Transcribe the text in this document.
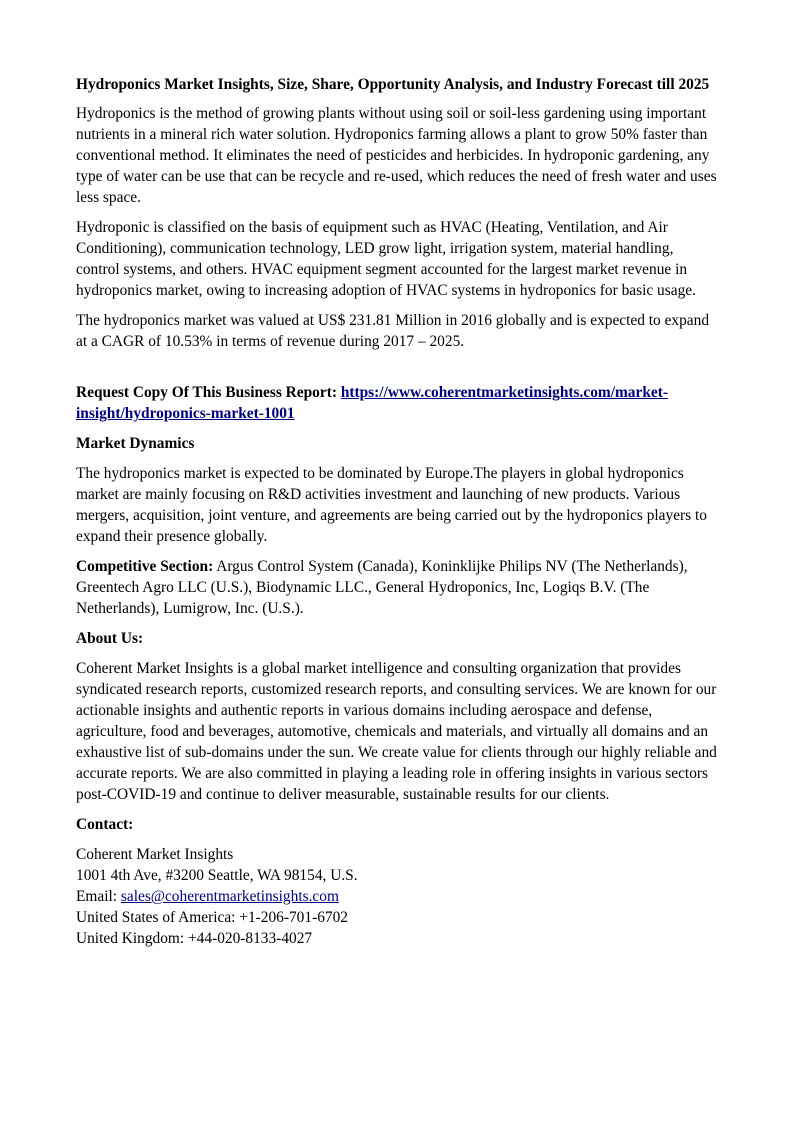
Hydroponics Market Insights, Size, Share, Opportunity Analysis, and Industry Forecast till 2025

Hydroponics is the method of growing plants without using soil or soil-less gardening using important nutrients in a mineral rich water solution. Hydroponics farming allows a plant to grow 50% faster than conventional method. It eliminates the need of pesticides and herbicides. In hydroponic gardening, any type of water can be use that can be recycle and re-used, which reduces the need of fresh water and uses less space.

Hydroponic is classified on the basis of equipment such as HVAC (Heating, Ventilation, and Air Conditioning), communication technology, LED grow light, irrigation system, material handling, control systems, and others. HVAC equipment segment accounted for the largest market revenue in hydroponics market, owing to increasing adoption of HVAC systems in hydroponics for basic usage.

The hydroponics market was valued at US$ 231.81 Million in 2016 globally and is expected to expand at a CAGR of 10.53% in terms of revenue during 2017 – 2025.

Request Copy Of This Business Report: https://www.coherentmarketinsights.com/market-insight/hydroponics-market-1001

Market Dynamics

The hydroponics market is expected to be dominated by Europe.The players in global hydroponics market are mainly focusing on R&D activities investment and launching of new products. Various mergers, acquisition, joint venture, and agreements are being carried out by the hydroponics players to expand their presence globally.

Competitive Section: Argus Control System (Canada), Koninklijke Philips NV (The Netherlands), Greentech Agro LLC (U.S.), Biodynamic LLC., General Hydroponics, Inc, Logiqs B.V. (The Netherlands), Lumigrow, Inc. (U.S.).

About Us:

Coherent Market Insights is a global market intelligence and consulting organization that provides syndicated research reports, customized research reports, and consulting services. We are known for our actionable insights and authentic reports in various domains including aerospace and defense, agriculture, food and beverages, automotive, chemicals and materials, and virtually all domains and an exhaustive list of sub-domains under the sun. We create value for clients through our highly reliable and accurate reports. We are also committed in playing a leading role in offering insights in various sectors post-COVID-19 and continue to deliver measurable, sustainable results for our clients.

Contact:

Coherent Market Insights
1001 4th Ave, #3200 Seattle, WA 98154, U.S.
Email: sales@coherentmarketinsights.com
United States of America: +1-206-701-6702
United Kingdom: +44-020-8133-4027
